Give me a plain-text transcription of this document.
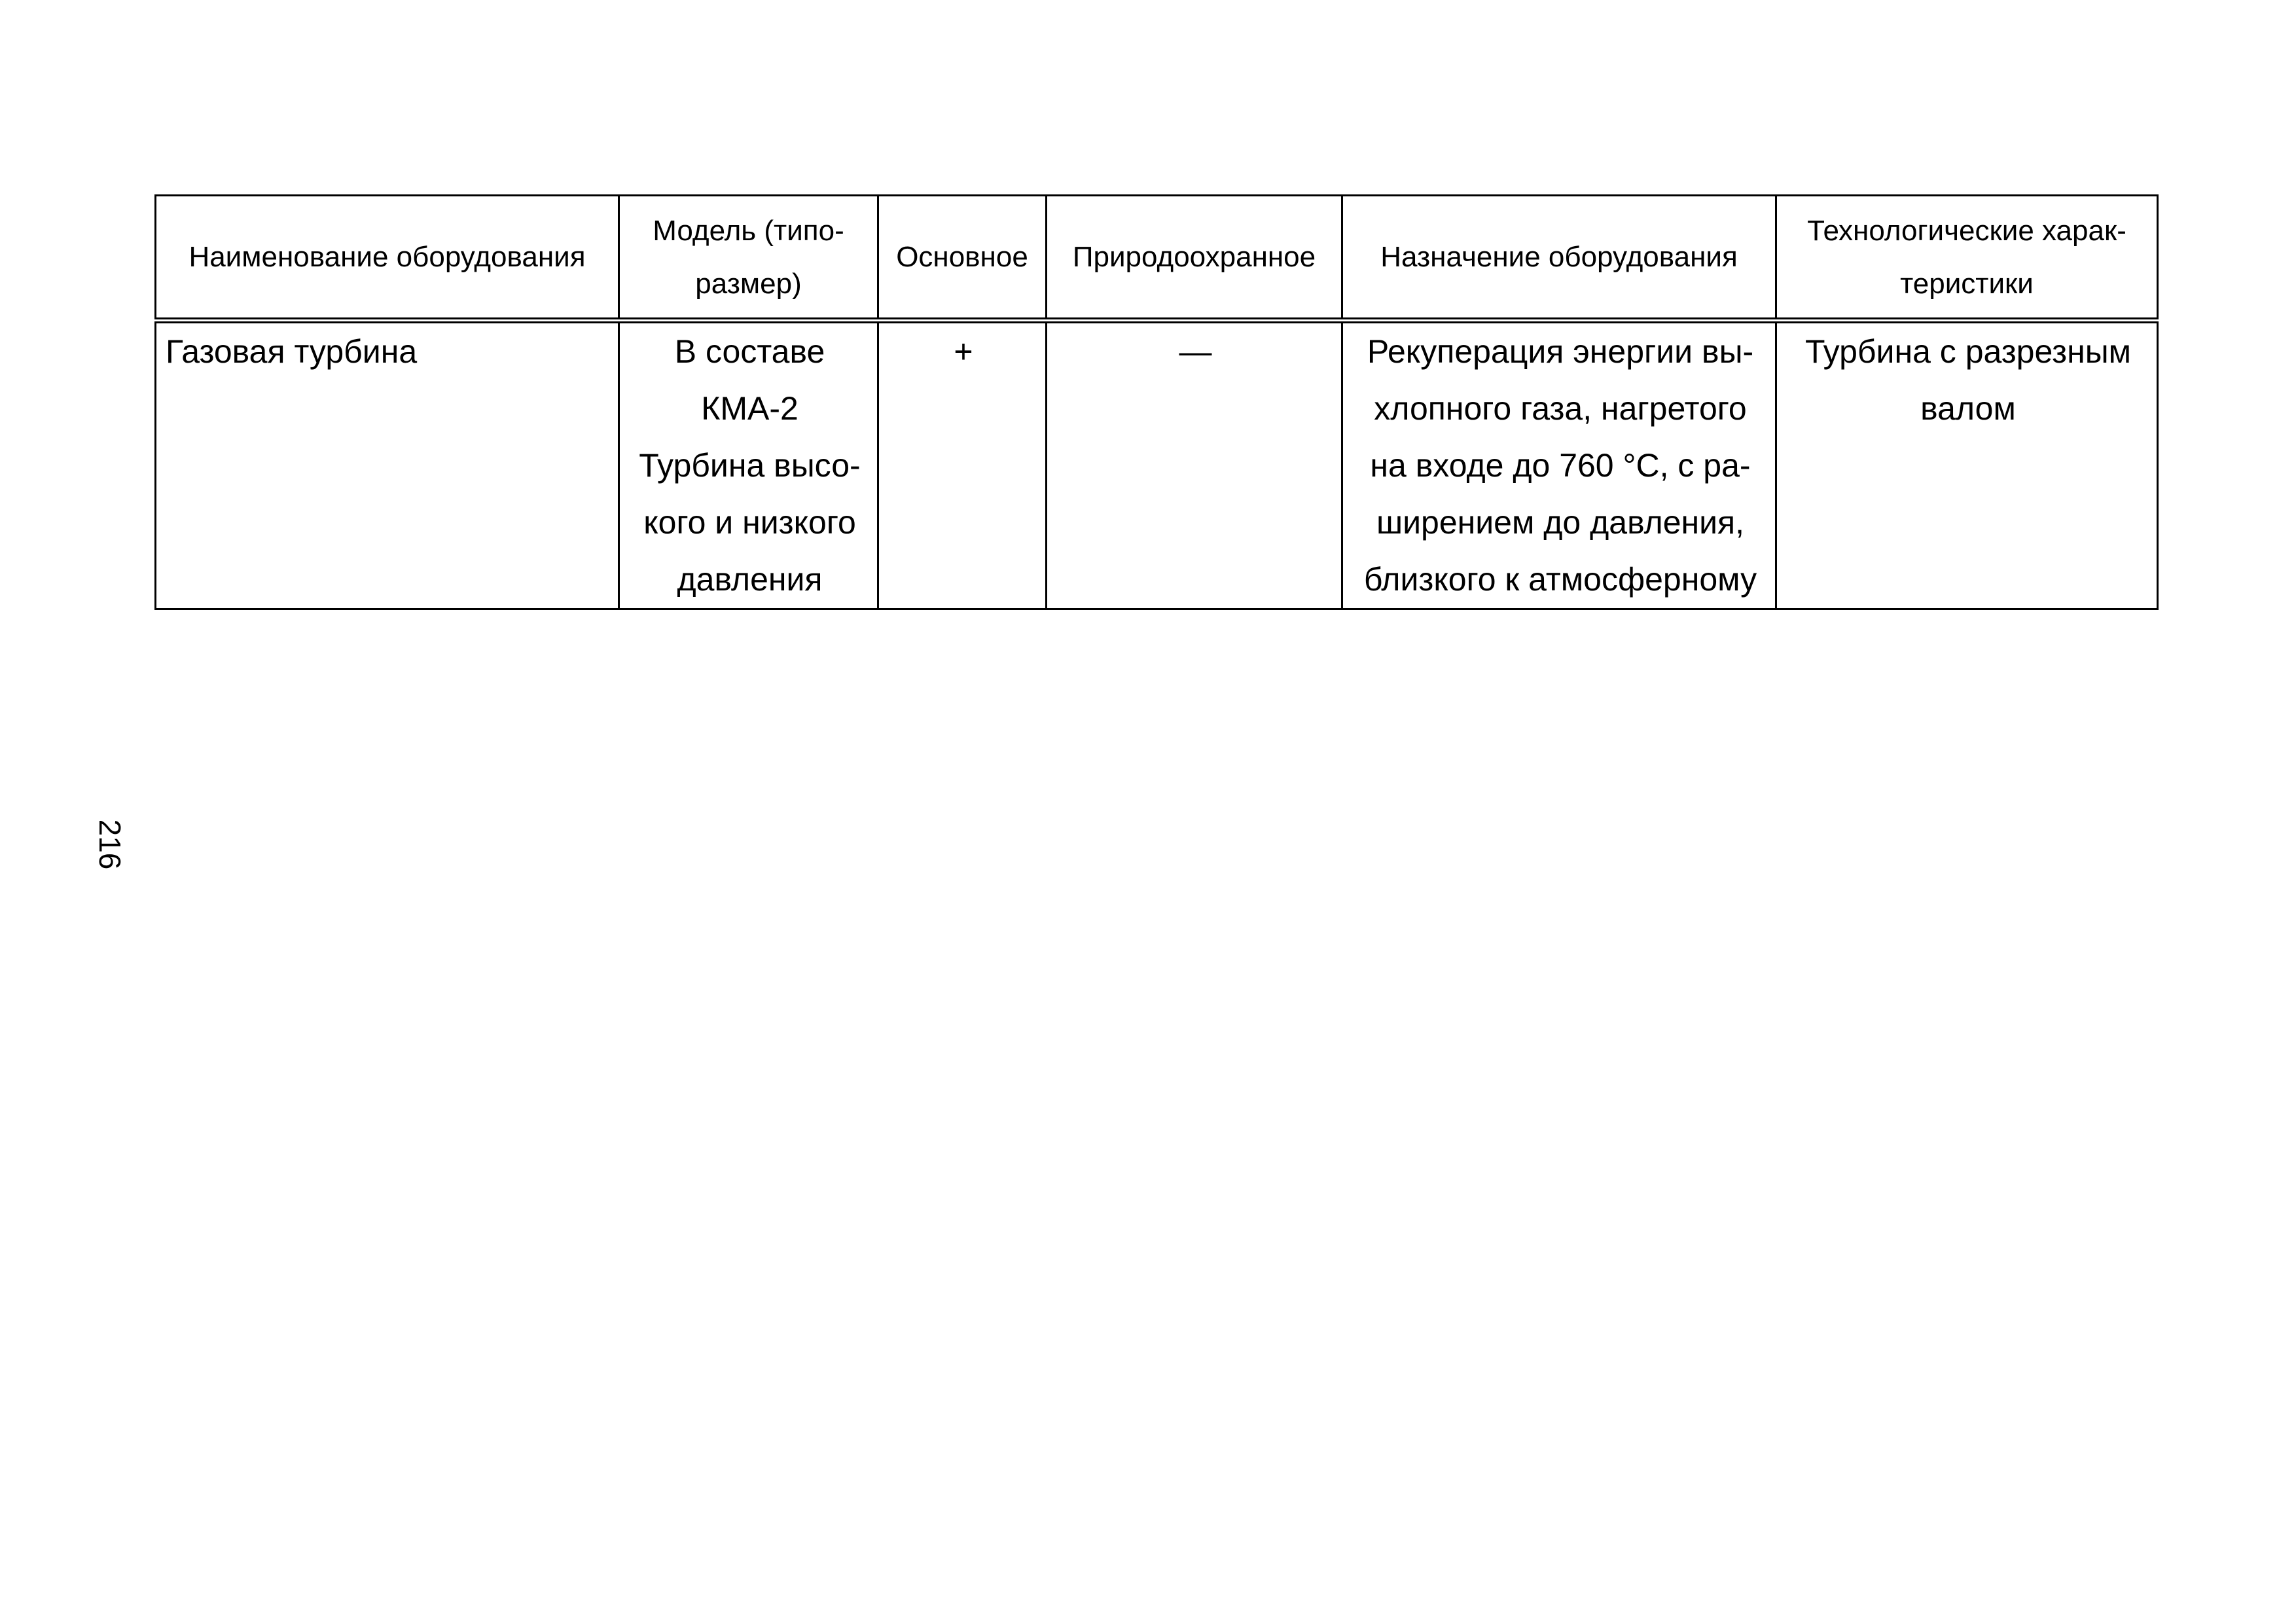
216
Наименование оборудования	Модель (типо-
размер)	Основное	Природоохранное	Назначение оборудования	Технологические харак-
теристики

Газовая турбина	В составе
КМА-2
Турбина высо-
кого и низкого
давления	+	—	Рекуперация энергии вы-
хлопного газа, нагретого
на входе до 760 °С, с ра-
ширением до давления,
близкого к атмосферному	Турбина с разрезным
валом
